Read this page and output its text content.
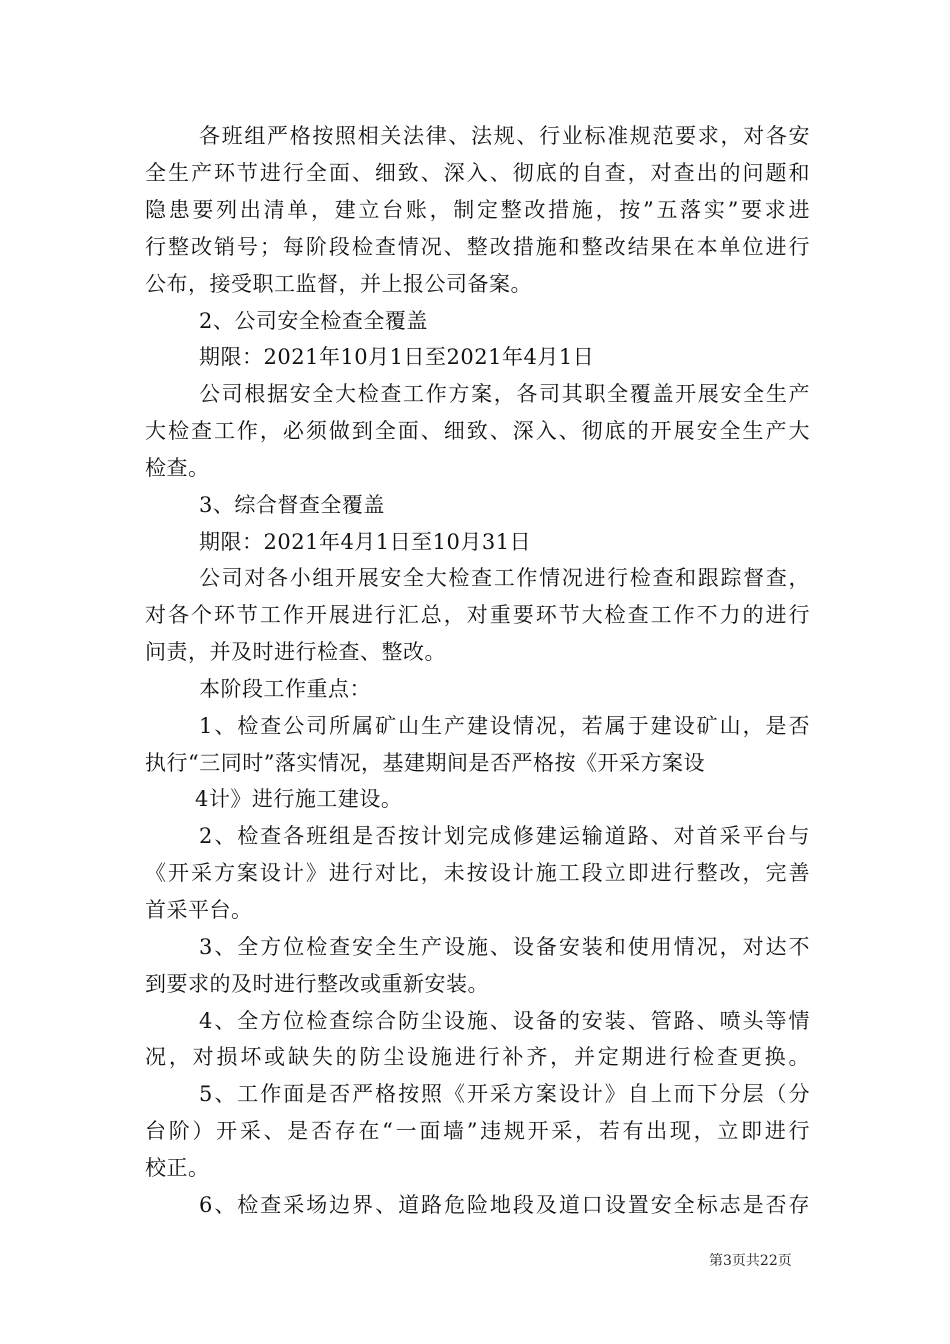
各班组严格按照相关法律、法规、行业标准规范要求，对各安
全生产环节进行全面、细致、深入、彻底的自查，对查出的问题和
隐患要列出清单，建立台账，制定整改措施，按”五落实”要求进
行整改销号；每阶段检查情况、整改措施和整改结果在本单位进行
公布，接受职工监督，并上报公司备案。
2、公司安全检查全覆盖
期限：2021年10月1日至2021年4月1日
公司根据安全大检查工作方案，各司其职全覆盖开展安全生产
大检查工作，必须做到全面、细致、深入、彻底的开展安全生产大
检查。
3、综合督查全覆盖
期限：2021年4月1日至10月31日
公司对各小组开展安全大检查工作情况进行检查和跟踪督查，
对各个环节工作开展进行汇总，对重要环节大检查工作不力的进行
问责，并及时进行检查、整改。
本阶段工作重点：
1、检查公司所属矿山生产建设情况，若属于建设矿山，是否
执行“三同时”落实情况，基建期间是否严格按《开采方案设
4计》进行施工建设。
2、检查各班组是否按计划完成修建运输道路、对首采平台与
《开采方案设计》进行对比，未按设计施工段立即进行整改，完善
首采平台。
3、全方位检查安全生产设施、设备安装和使用情况，对达不
到要求的及时进行整改或重新安装。
4、全方位检查综合防尘设施、设备的安装、管路、喷头等情
况，对损坏或缺失的防尘设施进行补齐，并定期进行检查更换。
5、工作面是否严格按照《开采方案设计》自上而下分层（分
台阶）开采、是否存在“一面墙”违规开采，若有出现，立即进行
校正。
6、检查采场边界、道路危险地段及道口设置安全标志是否存
第3页共22页
